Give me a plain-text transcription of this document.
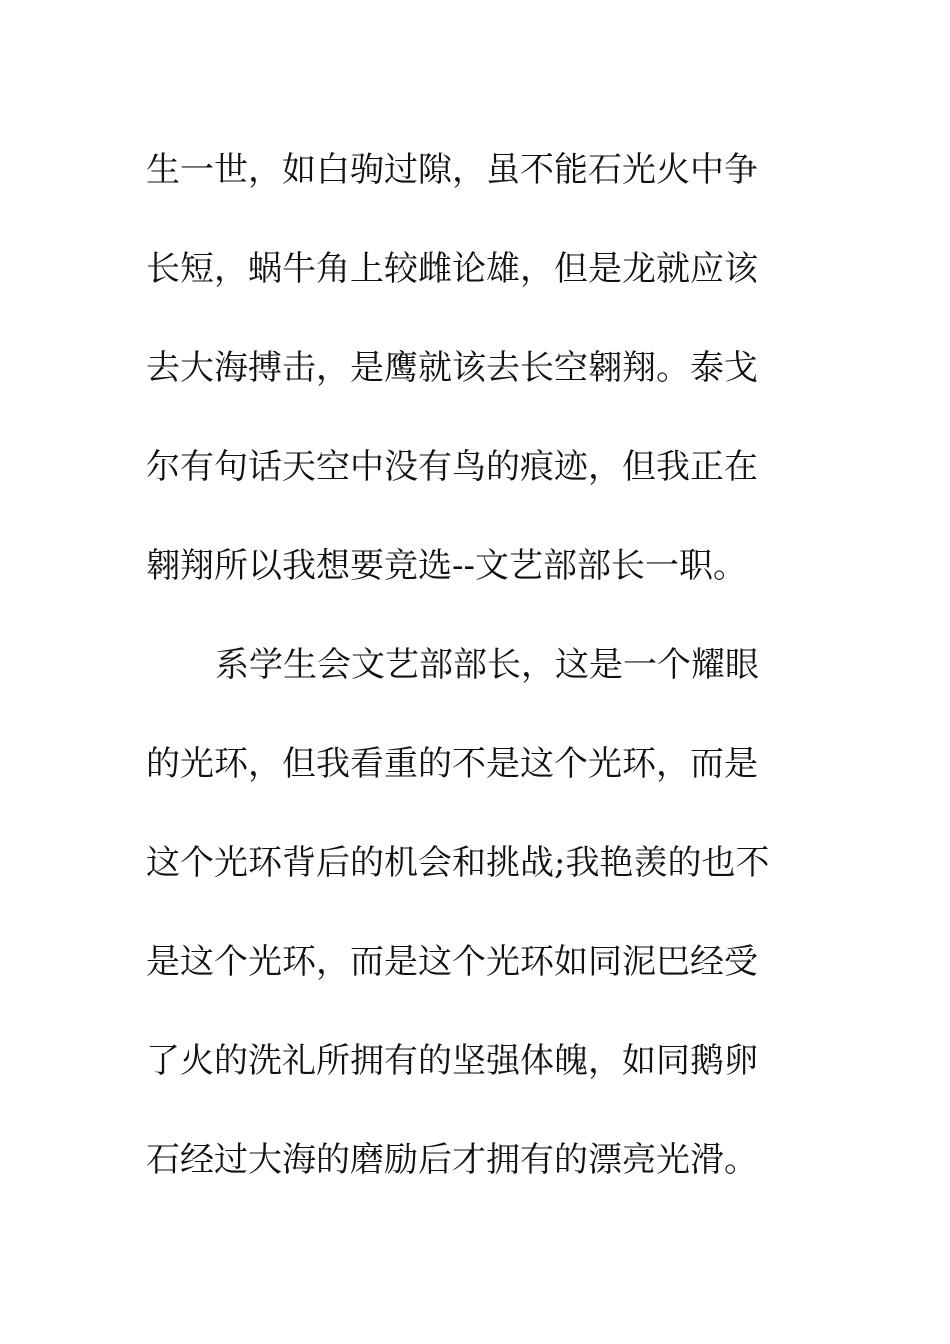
生一世，如白驹过隙，虽不能石光火中争
长短，蜗牛角上较雌论雄，但是龙就应该
去大海搏击，是鹰就该去长空翱翔。泰戈
尔有句话天空中没有鸟的痕迹，但我正在
翱翔所以我想要竞选--文艺部部长一职。
系学生会文艺部部长，这是一个耀眼
的光环，但我看重的不是这个光环，而是
这个光环背后的机会和挑战;我艳羡的也不
是这个光环，而是这个光环如同泥巴经受
了火的洗礼所拥有的坚强体魄，如同鹅卵
石经过大海的磨励后才拥有的漂亮光滑。
